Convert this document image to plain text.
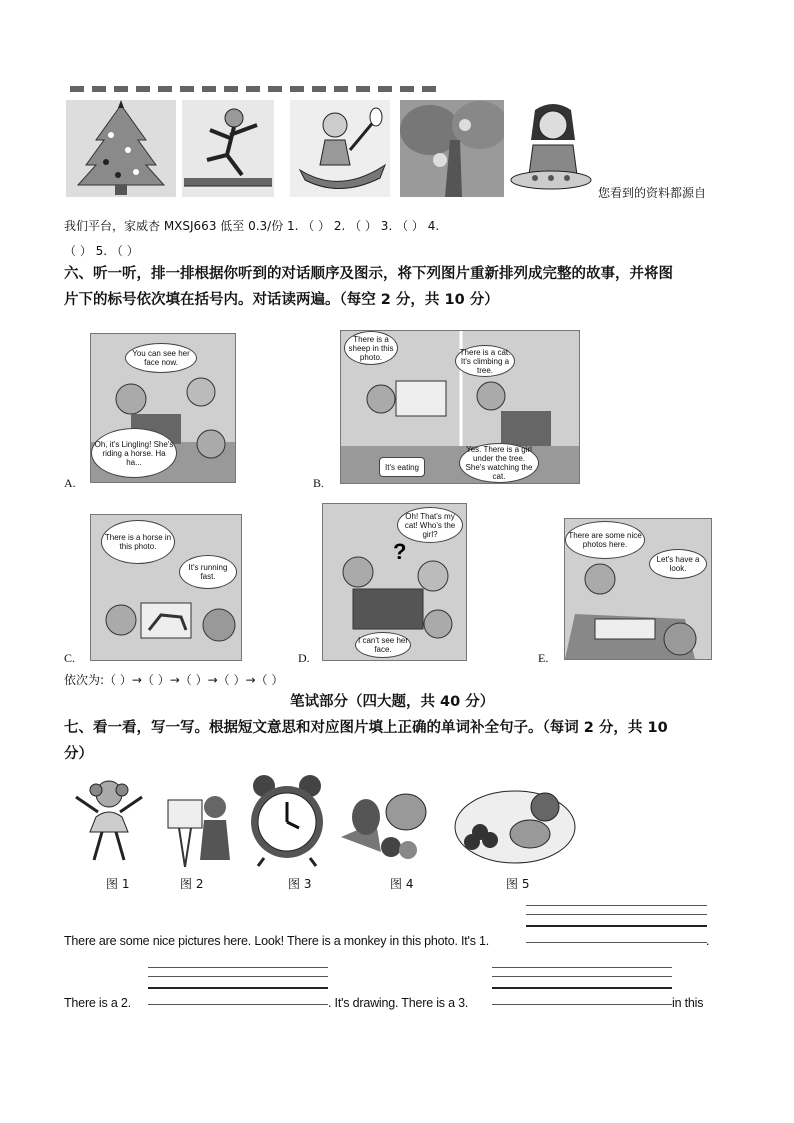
您看到的资料都源自
我们平台，家威杏 MXSJ663 低至 0.3/份 1. （ ） 2. （ ） 3. （ ） 4.
（ ） 5. （ ）
六、听一听，排一排根据你听到的对话顺序及图示，将下列图片重新排列成完整的故事，并将图
片下的标号依次填在括号内。对话读两遍。（每空 2 分，共 10 分）
You can see her face now.
Oh, it's Lingling! She's riding a horse. Ha ha...
A.
There is a sheep in this photo.
It's eating
There is a cat. It's climbing a tree.
Yes. There is a girl under the tree. She's watching the cat.
B.
There is a horse in this photo.
It's running fast.
C.
?
Oh! That's my cat! Who's the girl?
I can't see her face.
D.
There are some nice photos here.
Let's have a look.
E.
依次为:（ ）→（ ）→（ ）→（ ）→（ ）
笔试部分（四大题，共 40 分）
七、看一看，写一写。根据短文意思和对应图片填上正确的单词补全句子。（每词 2 分，共 10
分）
图 1	图 2	图 3	图 4	图 5
There are some nice pictures here. Look! There is a monkey in this photo. It's 1.	.
There is a 2.	. It's drawing. There is a 3.	in this
